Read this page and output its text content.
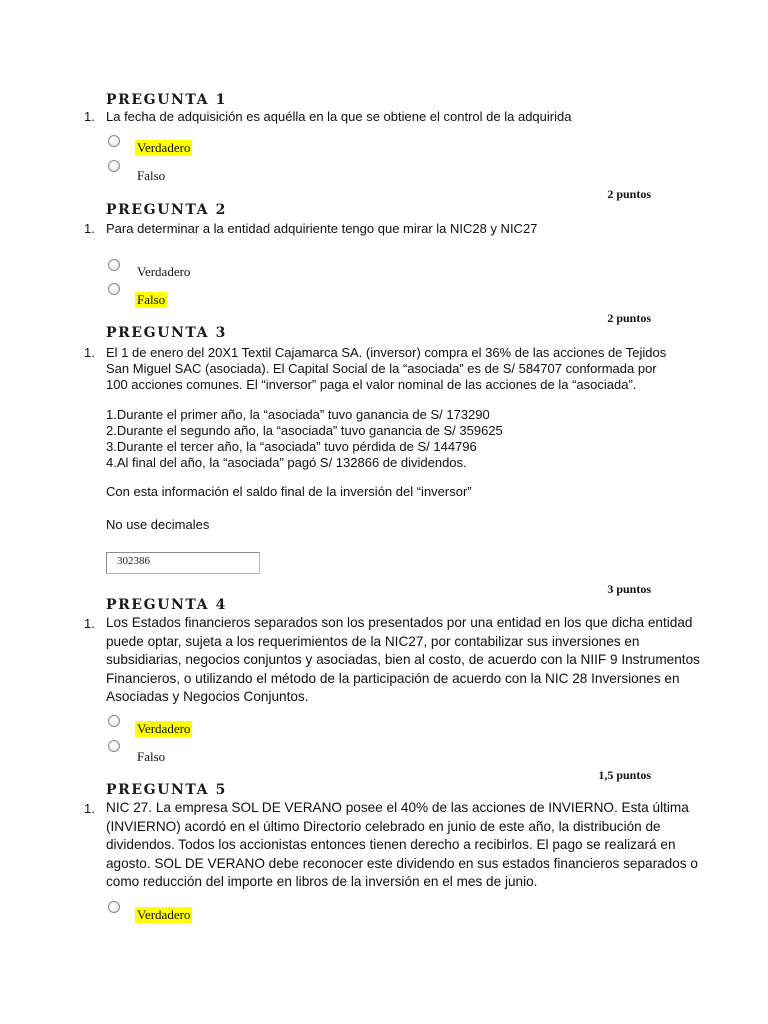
PREGUNTA 1
1. La fecha de adquisición es aquélla en la que se obtiene el control de la adquirida
Verdadero
Falso
2 puntos
PREGUNTA 2
1. Para determinar a la entidad adquiriente tengo que mirar la NIC28 y NIC27
Verdadero
Falso
2 puntos
PREGUNTA 3
1. El 1 de enero del 20X1 Textil Cajamarca SA. (inversor) compra el 36% de las acciones de Tejidos
San Miguel SAC (asociada). El Capital Social de la “asociada” es de S/ 584707 conformada por
100 acciones comunes. El “inversor” paga el valor nominal de las acciones de la “asociada”.
1.Durante el primer año, la “asociada” tuvo ganancia de S/ 173290
2.Durante el segundo año, la “asociada” tuvo ganancia de S/ 359625
3.Durante el tercer año, la “asociada” tuvo pérdida de S/ 144796
4.Al final del año, la “asociada” pagó S/ 132866 de dividendos.
Con esta información el saldo final de la inversión del “inversor”
No use decimales
302386
3 puntos
PREGUNTA 4
1. Los Estados financieros separados son los presentados por una entidad en los que dicha entidad
puede optar, sujeta a los requerimientos de la NIC27, por contabilizar sus inversiones en
subsidiarias, negocios conjuntos y asociadas, bien al costo, de acuerdo con la NIIF 9 Instrumentos
Financieros, o utilizando el método de la participación de acuerdo con la NIC 28 Inversiones en
Asociadas y Negocios Conjuntos.
Verdadero
Falso
1,5 puntos
PREGUNTA 5
1. NIC 27. La empresa SOL DE VERANO posee el 40% de las acciones de INVIERNO. Esta última
(INVIERNO) acordó en el último Directorio celebrado en junio de este año, la distribución de
dividendos. Todos los accionistas entonces tienen derecho a recibirlos. El pago se realizará en
agosto. SOL DE VERANO debe reconocer este dividendo en sus estados financieros separados o
como reducción del importe en libros de la inversión en el mes de junio.
Verdadero
